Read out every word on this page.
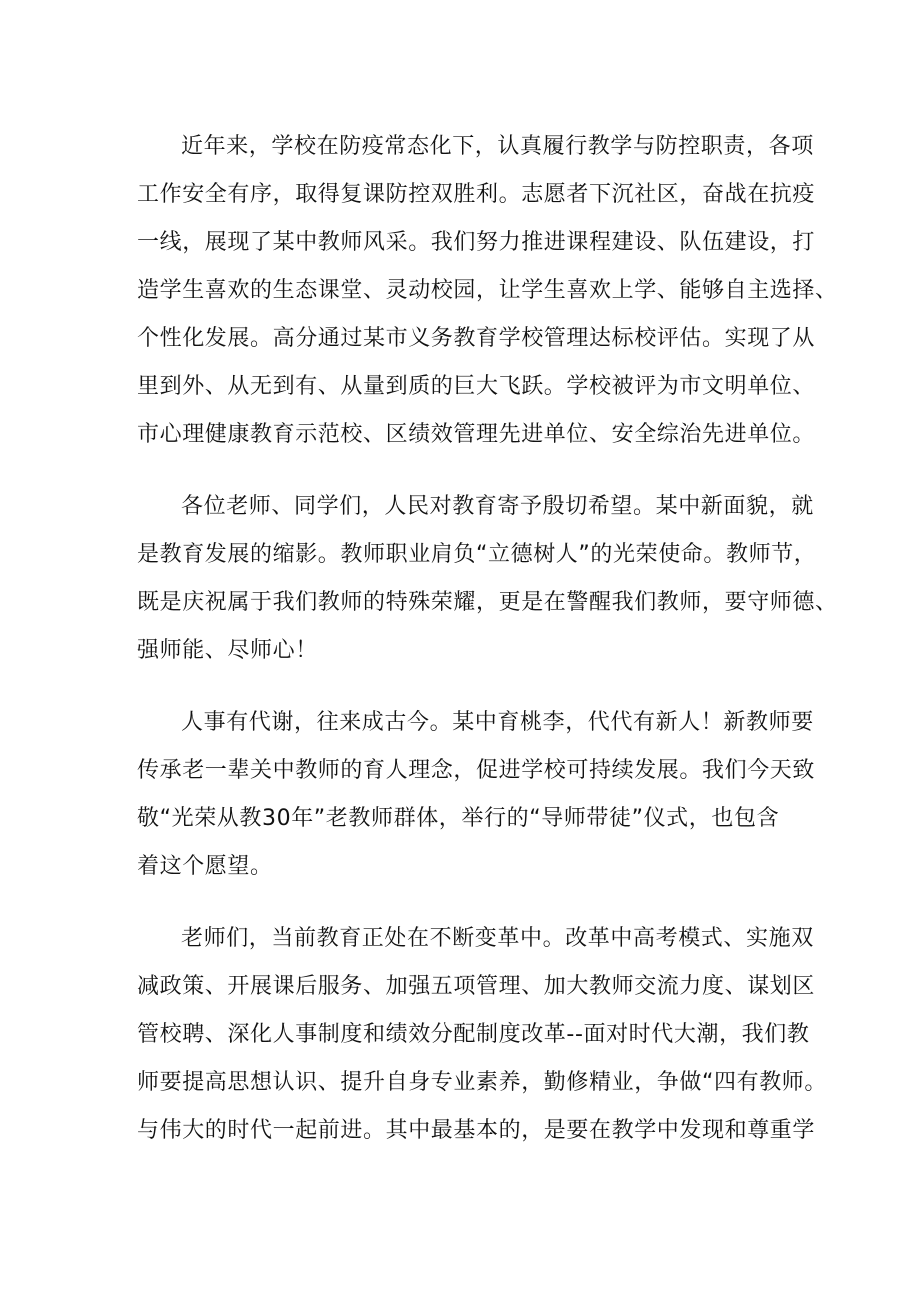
近年来，学校在防疫常态化下，认真履行教学与防控职责，各项
工作安全有序，取得复课防控双胜利。志愿者下沉社区，奋战在抗疫
一线，展现了某中教师风采。我们努力推进课程建设、队伍建设，打
造学生喜欢的生态课堂、灵动校园，让学生喜欢上学、能够自主选择、
个性化发展。高分通过某市义务教育学校管理达标校评估。实现了从
里到外、从无到有、从量到质的巨大飞跃。学校被评为市文明单位、
市心理健康教育示范校、区绩效管理先进单位、安全综治先进单位。
各位老师、同学们，人民对教育寄予殷切希望。某中新面貌，就
是教育发展的缩影。教师职业肩负“立德树人”的光荣使命。教师节，
既是庆祝属于我们教师的特殊荣耀，更是在警醒我们教师，要守师德、
强师能、尽师心！
人事有代谢，往来成古今。某中育桃李，代代有新人！新教师要
传承老一辈关中教师的育人理念，促进学校可持续发展。我们今天致
敬“光荣从教30年”老教师群体，举行的“导师带徒”仪式，也包含
着这个愿望。
老师们，当前教育正处在不断变革中。改革中高考模式、实施双
减政策、开展课后服务、加强五项管理、加大教师交流力度、谋划区
管校聘、深化人事制度和绩效分配制度改革--面对时代大潮，我们教
师要提高思想认识、提升自身专业素养，勤修精业，争做“四有教师。
与伟大的时代一起前进。其中最基本的，是要在教学中发现和尊重学
